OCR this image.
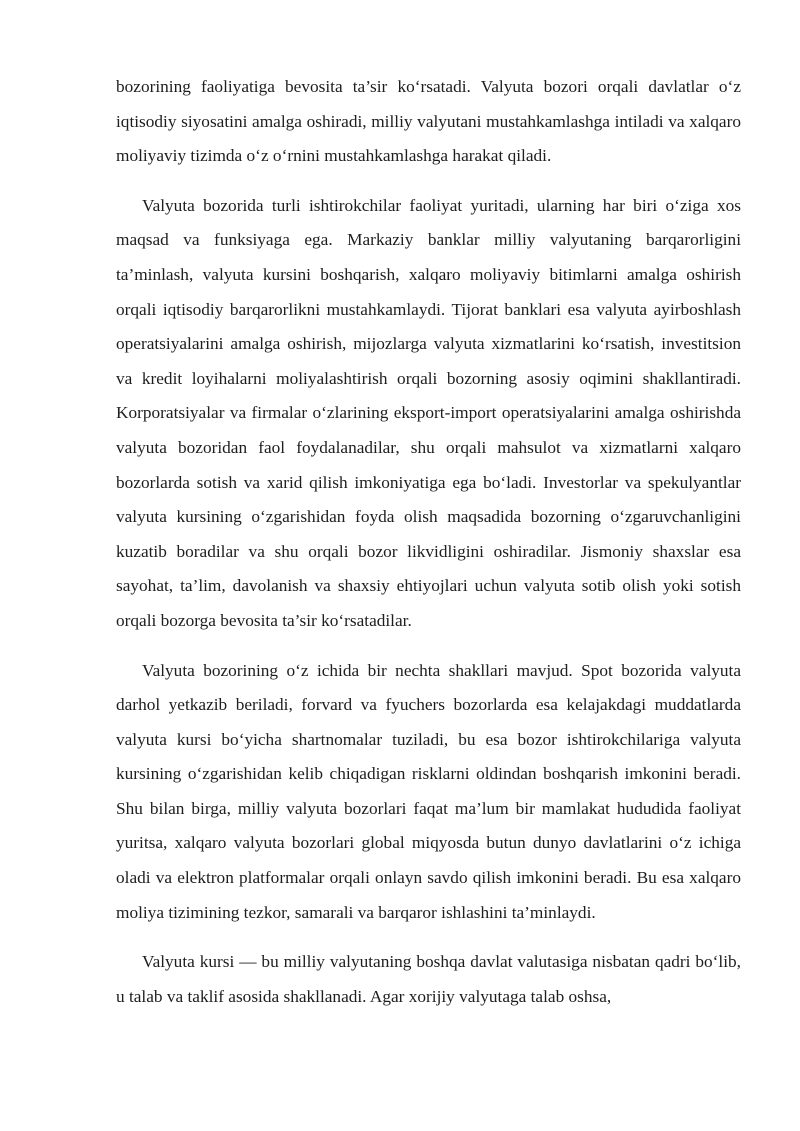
bozorining faoliyatiga bevosita ta’sir ko‘rsatadi. Valyuta bozori orqali davlatlar o‘z iqtisodiy siyosatini amalga oshiradi, milliy valyutani mustahkamlashga intiladi va xalqaro moliyaviy tizimda o‘z o‘rnini mustahkamlashga harakat qiladi.

Valyuta bozorida turli ishtirokchilar faoliyat yuritadi, ularning har biri o‘ziga xos maqsad va funksiyaga ega. Markaziy banklar milliy valyutaning barqarorligini ta’minlash, valyuta kursini boshqarish, xalqaro moliyaviy bitimlarni amalga oshirish orqali iqtisodiy barqarorlikni mustahkamlaydi. Tijorat banklari esa valyuta ayirboshlash operatsiyalarini amalga oshirish, mijozlarga valyuta xizmatlarini ko‘rsatish, investitsion va kredit loyihalarni moliyalashtirish orqali bozorning asosiy oqimini shakllantiradi. Korporatsiyalar va firmalar o‘zlarining eksport-import operatsiyalarini amalga oshirishda valyuta bozoridan faol foydalanadilar, shu orqali mahsulot va xizmatlarni xalqaro bozorlarda sotish va xarid qilish imkoniyatiga ega bo‘ladi. Investorlar va spekulyantlar valyuta kursining o‘zgarishidan foyda olish maqsadida bozorning o‘zgaruvchanligini kuzatib boradilar va shu orqali bozor likvidligini oshiradilar. Jismoniy shaxslar esa sayohat, ta’lim, davolanish va shaxsiy ehtiyojlari uchun valyuta sotib olish yoki sotish orqali bozorga bevosita ta’sir ko‘rsatadilar.

Valyuta bozorining o‘z ichida bir nechta shakllari mavjud. Spot bozorida valyuta darhol yetkazib beriladi, forvard va fyuchers bozorlarda esa kelajakdagi muddatlarda valyuta kursi bo‘yicha shartnomalar tuziladi, bu esa bozor ishtirokchilariga valyuta kursining o‘zgarishidan kelib chiqadigan risklarni oldindan boshqarish imkonini beradi. Shu bilan birga, milliy valyuta bozorlari faqat ma’lum bir mamlakat hududida faoliyat yuritsa, xalqaro valyuta bozorlari global miqyosda butun dunyo davlatlarini o‘z ichiga oladi va elektron platformalar orqali onlayn savdo qilish imkonini beradi. Bu esa xalqaro moliya tizimining tezkor, samarali va barqaror ishlashini ta’minlaydi.

Valyuta kursi — bu milliy valyutaning boshqa davlat valutasiga nisbatan qadri bo‘lib, u talab va taklif asosida shakllanadi. Agar xorijiy valyutaga talab oshsa,
